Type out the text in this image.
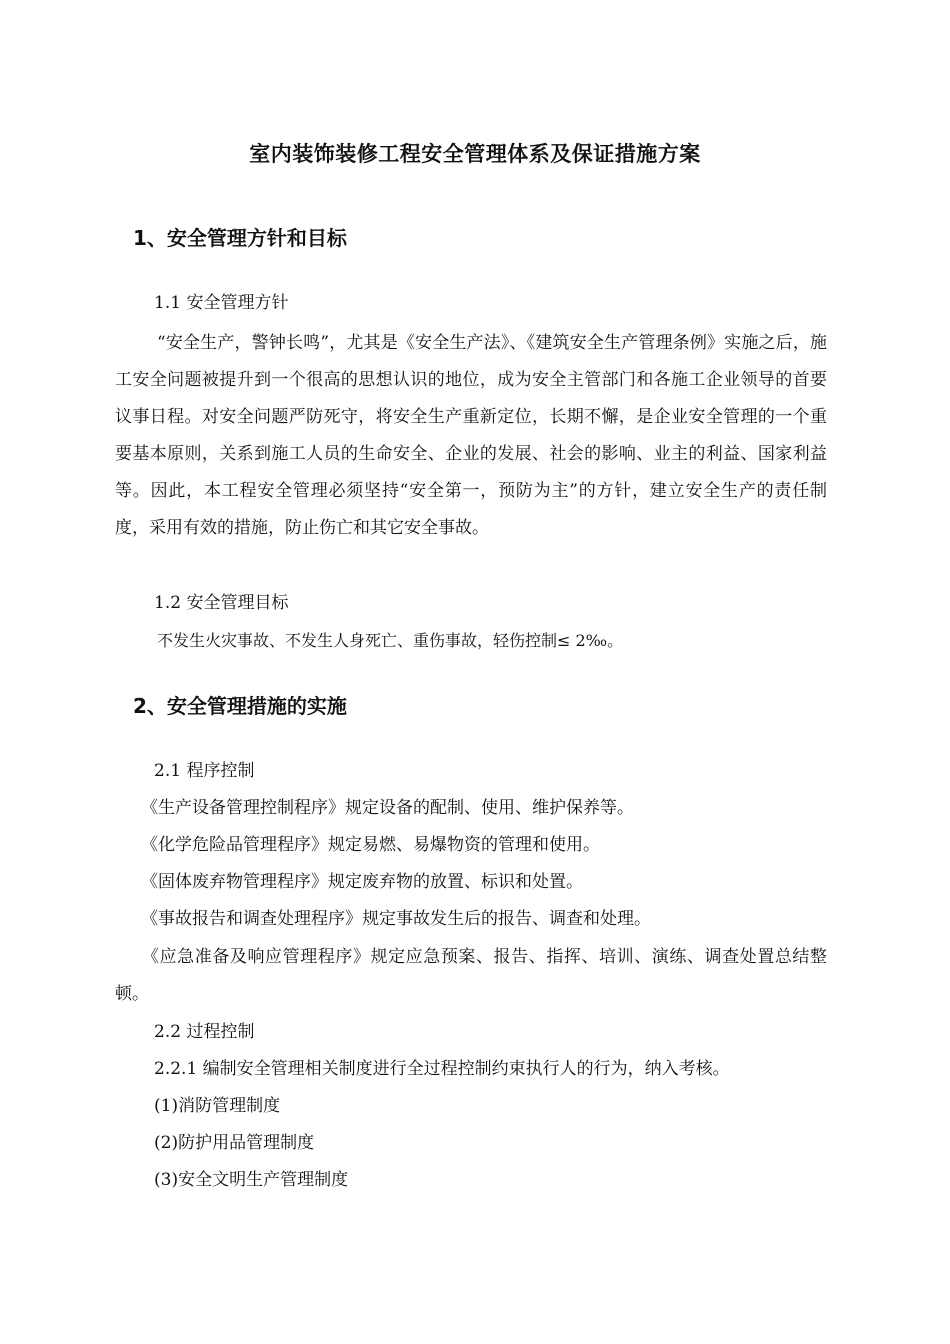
室内装饰装修工程安全管理体系及保证措施方案
1、安全管理方针和目标

1.1 安全管理方针

“安全生产，警钟长鸣”，尤其是《安全生产法》、《建筑安全生产管理条例》实施之后，施工安全问题被提升到一个很高的思想认识的地位，成为安全主管部门和各施工企业领导的首要议事日程。对安全问题严防死守，将安全生产重新定位，长期不懈，是企业安全管理的一个重要基本原则，关系到施工人员的生命安全、企业的发展、社会的影响、业主的利益、国家利益等。因此，本工程安全管理必须坚持“安全第一，预防为主”的方针，建立安全生产的责任制度，采用有效的措施，防止伤亡和其它安全事故。

1.2 安全管理目标

不发生火灾事故、不发生人身死亡、重伤事故，轻伤控制≤ 2‰。

2、安全管理措施的实施

2.1 程序控制

《生产设备管理控制程序》规定设备的配制、使用、维护保养等。

《化学危险品管理程序》规定易燃、易爆物资的管理和使用。

《固体废弃物管理程序》规定废弃物的放置、标识和处置。

《事故报告和调查处理程序》规定事故发生后的报告、调查和处理。

《应急准备及响应管理程序》规定应急预案、报告、指挥、培训、演练、调查处置总结整顿。

2.2 过程控制

2.2.1 编制安全管理相关制度进行全过程控制约束执行人的行为，纳入考核。

(1)消防管理制度

(2)防护用品管理制度

(3)安全文明生产管理制度
